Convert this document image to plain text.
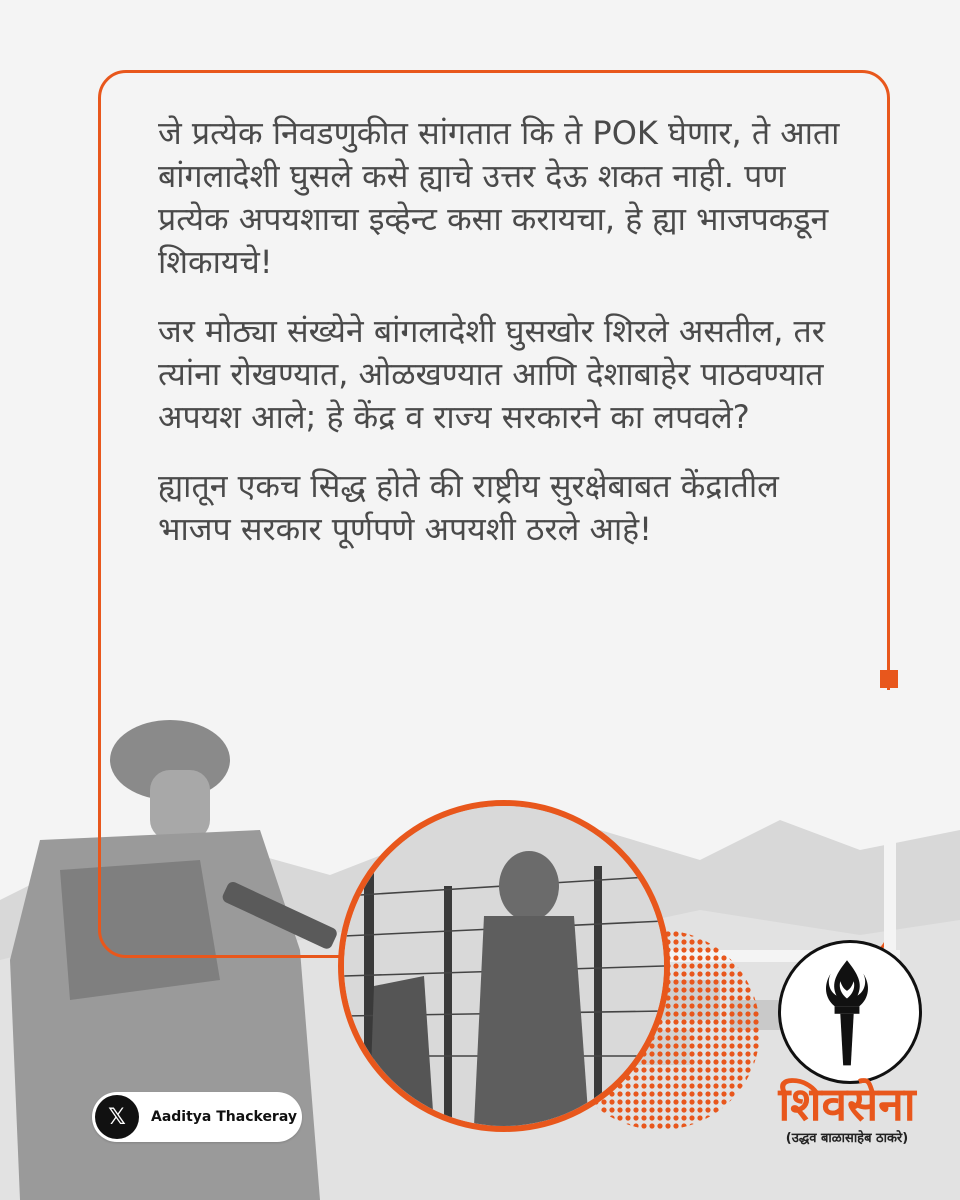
जे प्रत्येक निवडणुकीत सांगतात कि ते POK घेणार, ते आता बांगलादेशी घुसले कसे ह्याचे उत्तर देऊ शकत नाही. पण प्रत्येक अपयशाचा इव्हेन्ट कसा करायचा, हे ह्या भाजपकडून शिकायचे!

जर मोठ्या संख्येने बांगलादेशी घुसखोर शिरले असतील, तर त्यांना रोखण्यात, ओळखण्यात आणि देशाबाहेर पाठवण्यात अपयश आले; हे केंद्र व राज्य सरकारने का लपवले?

ह्यातून एकच सिद्ध होते की राष्ट्रीय सुरक्षेबाबत केंद्रातील भाजप सरकार पूर्णपणे अपयशी ठरले आहे!

शिवसेना
(उद्धव बाळासाहेब ठाकरे)
𝕏	Aaditya Thackeray
